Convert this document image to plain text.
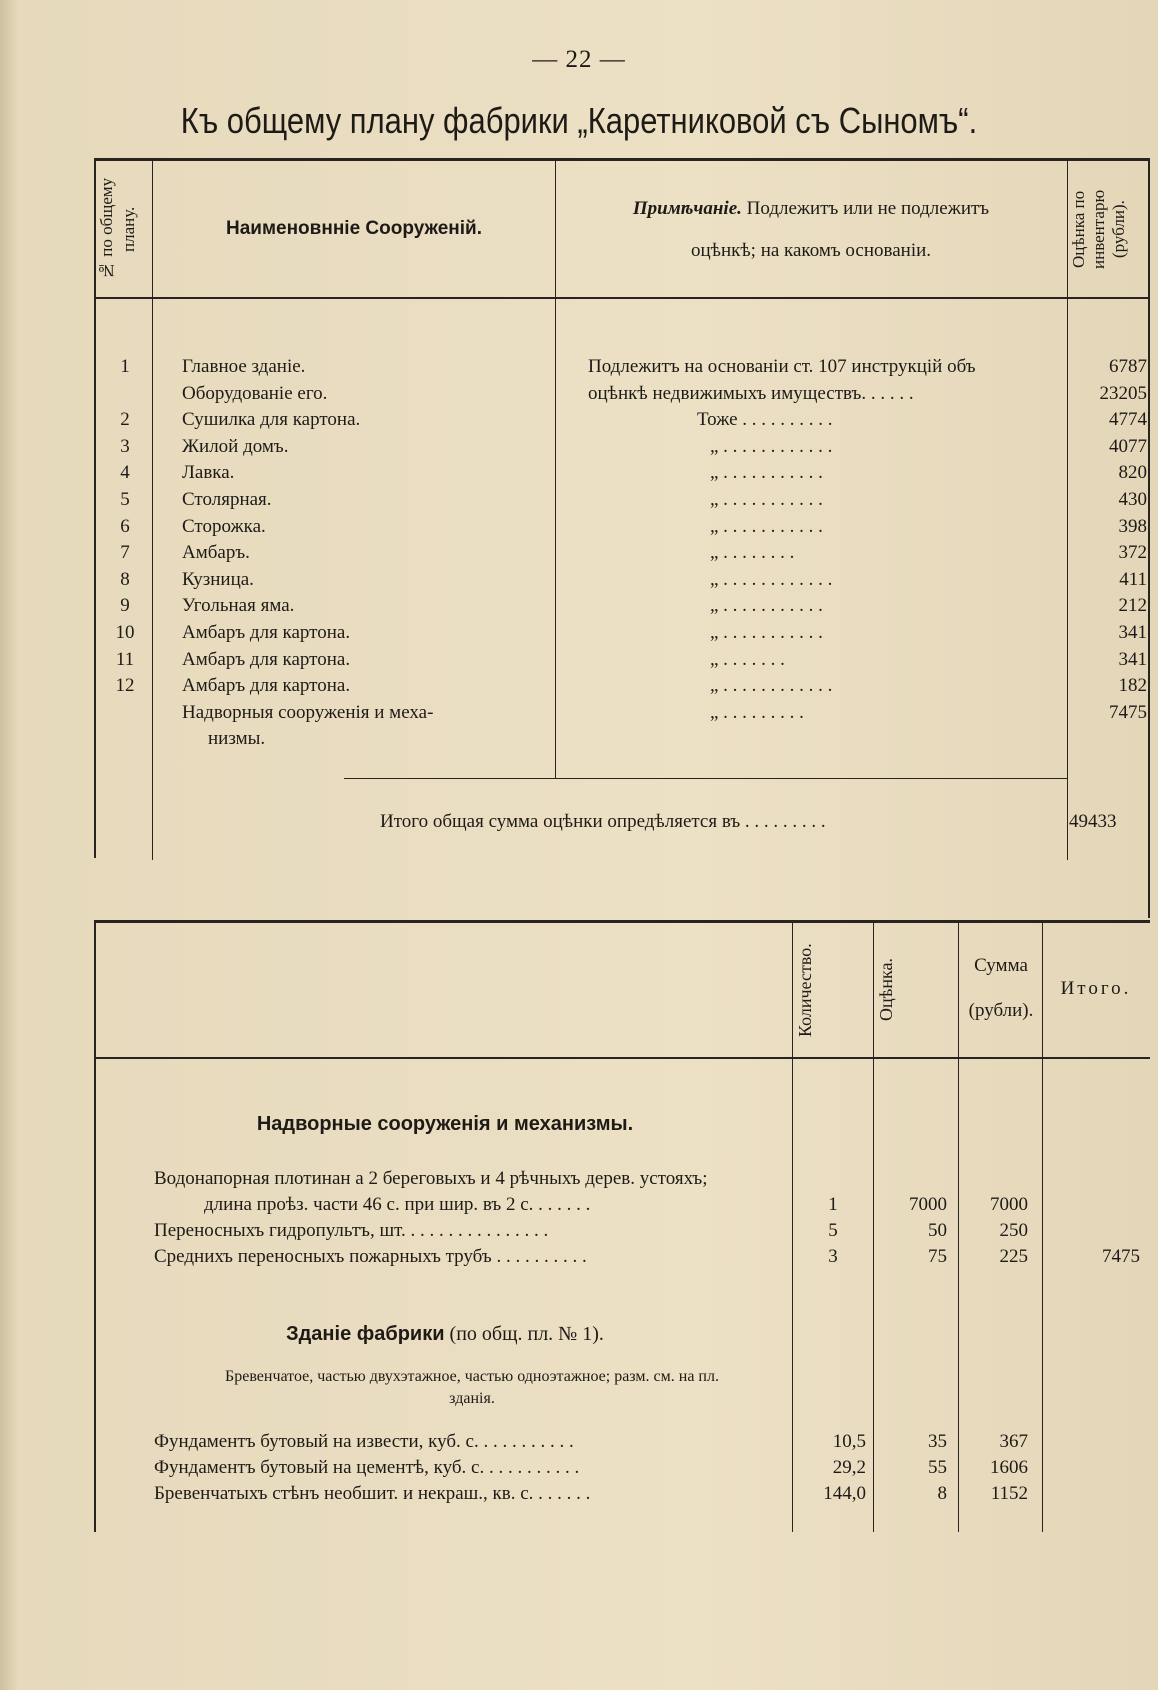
— 22 —
Къ общему плану фабрики „Каретниковой съ Сыномъ“.
№ по общему плану.	Наименовнніе Сооруженій.
Примѣчаніе. Подлежитъ или не подлежитъ
оцѣнкѣ; на какомъ основаніи.	Оцѣнка по инвентарю (рубли).
1	Главное зданіе.	Подлежитъ на основаніи ст. 107 инструкцій объ	6787
Оборудованіе его.	оцѣнкѣ недвижимыхъ имуществъ. . . . . .	23205
2	Сушилка для картона.	Тоже . . . . . . . . . .	4774
3	Жилой домъ.	„ . . . . . . . . . . . .	4077
4	Лавка.	„ . . . . . . . . . . .	820
5	Столярная.	„ . . . . . . . . . . .	430
6	Сторожка.	„ . . . . . . . . . . .	398
7	Амбаръ.	„ . . . . . . . .	372
8	Кузница.	„ . . . . . . . . . . . .	411
9	Угольная яма.	„ . . . . . . . . . . .	212
10	Амбаръ для картона.	„ . . . . . . . . . . .	341
11	Амбаръ для картона.	„ . . . . . . .	341
12	Амбаръ для картона.	„ . . . . . . . . . . . .	182
Надворныя сооруженія и меха-	„ . . . . . . . . .	7475
низмы.
Итого общая сумма оцѣнки опредѣляется въ . . . . . . . . .	49433
Количество.	Оцѣнка.	Сумма
(рубли).
Итого.
Надворные сооруженія и механизмы.
Водонапорная плотинан а 2 береговыхъ и 4 рѣчныхъ дерев. устояхъ;
длина проѣз. части 46 с. при шир. въ 2 с. . . . . . .	1	7000	7000
Переносныхъ гидропультъ, шт. . . . . . . . . . . . . . . .	5	50	250
Среднихъ переносныхъ пожарныхъ трубъ . . . . . . . . . .	3	75	225	7475
Зданіе фабрики (по общ. пл. № 1).
Бревенчатое, частью двухэтажное, частью одноэтажное; разм. см. на пл.
зданія.
Фундаментъ бутовый на извести, куб. с. . . . . . . . . . .	10,5	35	367
Фундаментъ бутовый на цементѣ, куб. с. . . . . . . . . . .	29,2	55	1606
Бревенчатыхъ стѣнъ необшит. и некраш., кв. с. . . . . . .	144,0	8	1152
